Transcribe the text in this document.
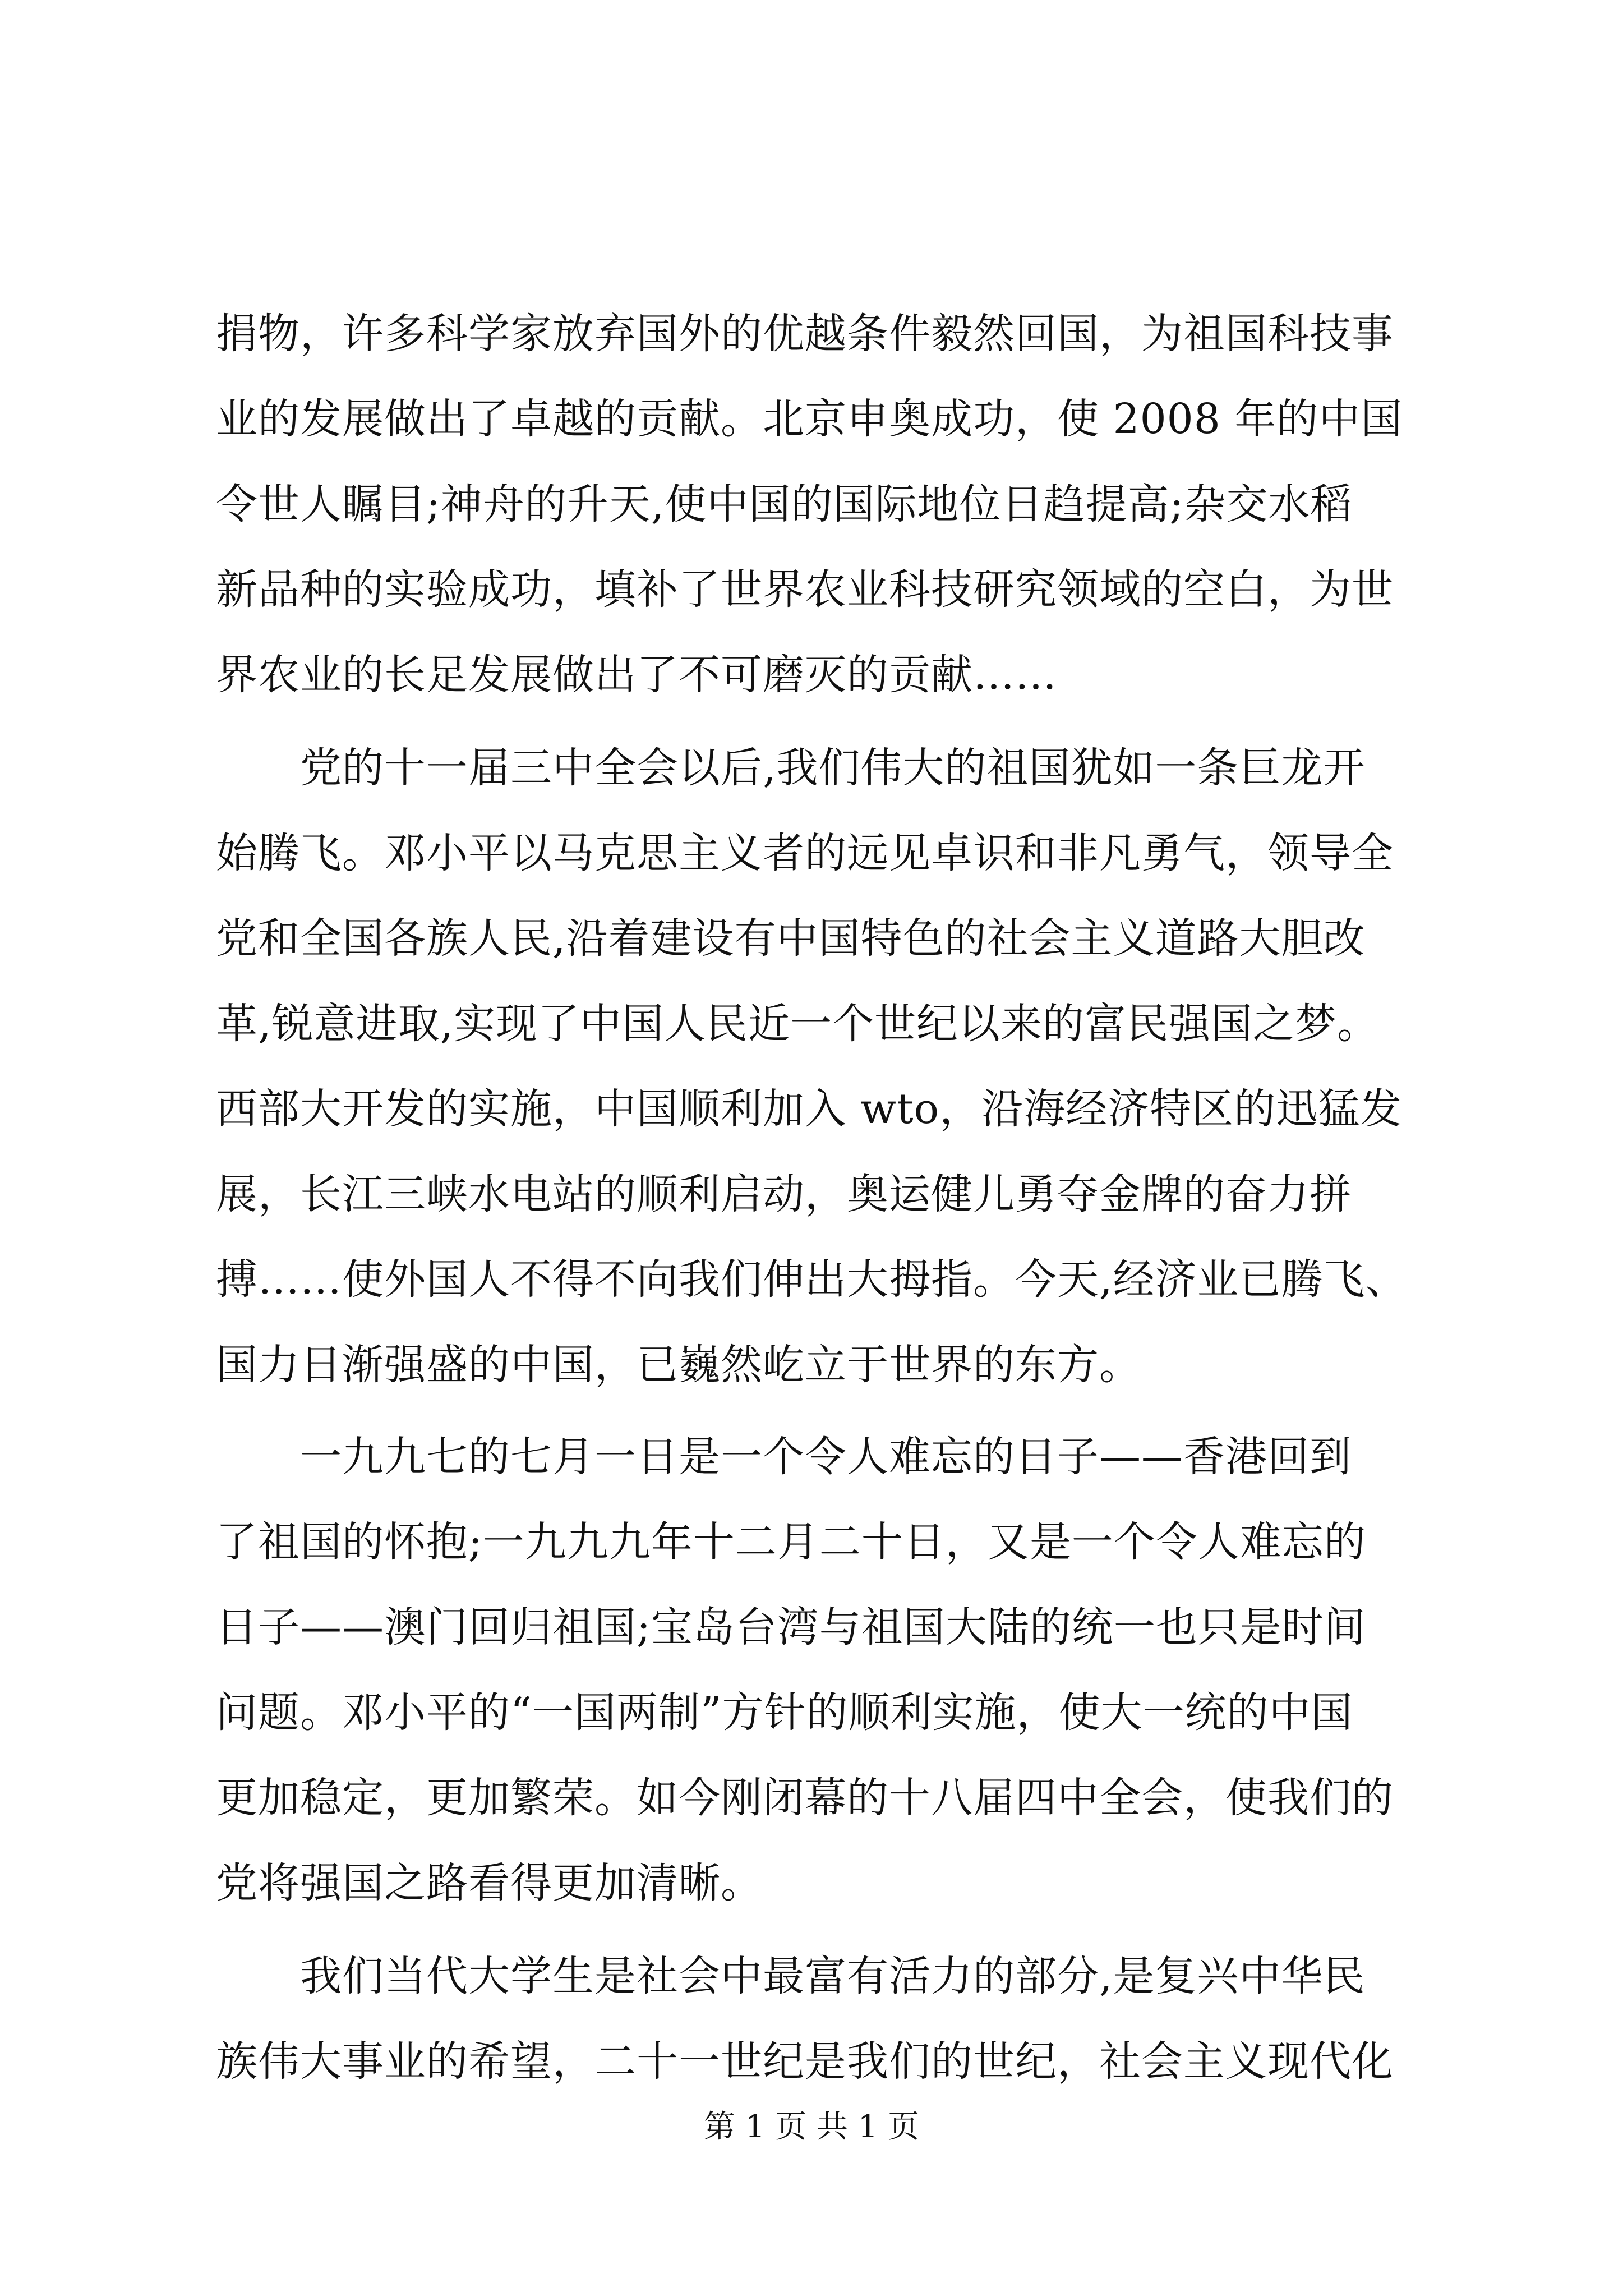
捐物，许多科学家放弃国外的优越条件毅然回国，为祖国科技事
业的发展做出了卓越的贡献。北京申奥成功，使 2008 年的中国
令世人瞩目;神舟的升天,使中国的国际地位日趋提高;杂交水稻
新品种的实验成功，填补了世界农业科技研究领域的空白，为世
界农业的长足发展做出了不可磨灭的贡献……
　　党的十一届三中全会以后,我们伟大的祖国犹如一条巨龙开
始腾飞。邓小平以马克思主义者的远见卓识和非凡勇气，领导全
党和全国各族人民,沿着建设有中国特色的社会主义道路大胆改
革,锐意进取,实现了中国人民近一个世纪以来的富民强国之梦。
西部大开发的实施，中国顺利加入 wto，沿海经济特区的迅猛发
展，长江三峡水电站的顺利启动，奥运健儿勇夺金牌的奋力拼
搏……使外国人不得不向我们伸出大拇指。今天,经济业已腾飞、
国力日渐强盛的中国，已巍然屹立于世界的东方。
　　一九九七的七月一日是一个令人难忘的日子——香港回到
了祖国的怀抱;一九九九年十二月二十日，又是一个令人难忘的
日子——澳门回归祖国;宝岛台湾与祖国大陆的统一也只是时间
问题。邓小平的“一国两制”方针的顺利实施，使大一统的中国
更加稳定，更加繁荣。如今刚闭幕的十八届四中全会，使我们的
党将强国之路看得更加清晰。
　　我们当代大学生是社会中最富有活力的部分,是复兴中华民
族伟大事业的希望，二十一世纪是我们的世纪，社会主义现代化
第 1 页 共 1 页
